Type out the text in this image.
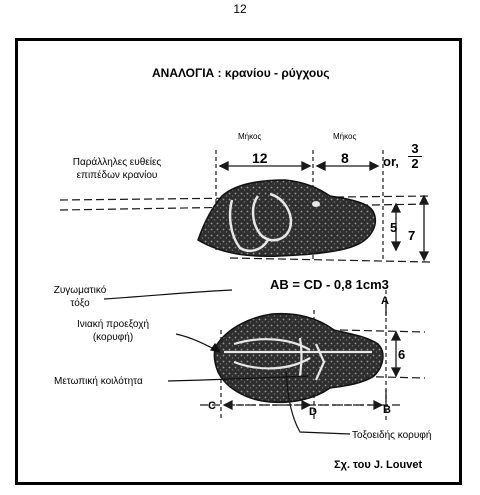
12
ΑΝΑΛΟΓΙΑ : κρανίου - ρύγχους
Μήκος	Μήκος
12	8	or, $\frac{3}{2}$
5
7
6
AB = CD - 0,8 1cm3
A
B
C	D
Παράλληλες ευθείες
επιπέδων κρανίου
Ζυγωματικό
τόξο
Ινιακή προεξοχή
(κορυφή)
Μετωπική κοιλότητα
Τοξοειδής κορυφή
Σχ. του J. Louvet
